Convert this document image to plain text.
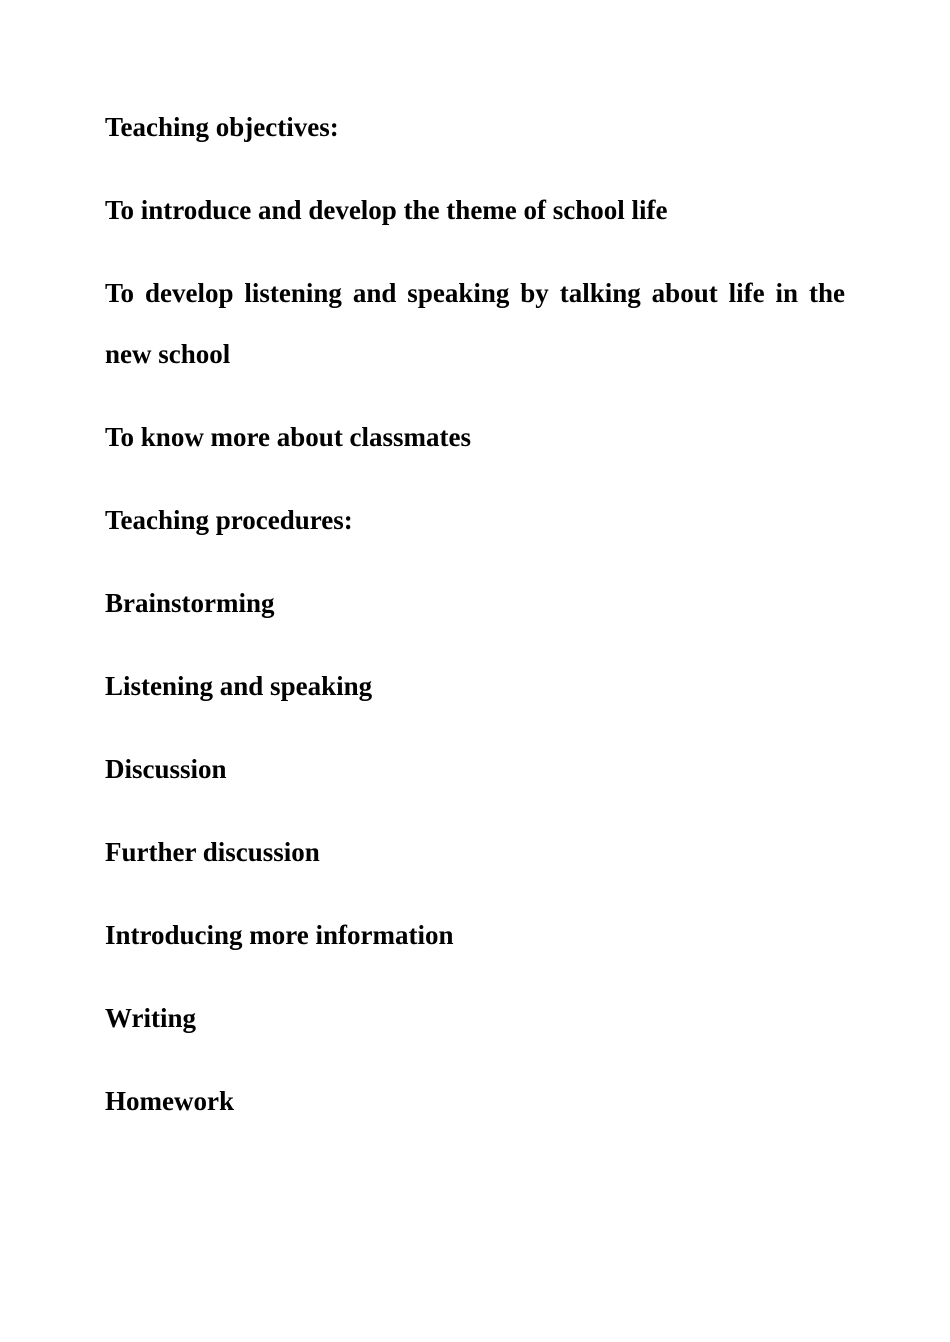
Teaching objectives:

To introduce and develop the theme of school life

To develop listening and speaking by talking about life in the new school

To know more about classmates

Teaching procedures:

Brainstorming

Listening and speaking

Discussion

Further discussion

Introducing more information

Writing

Homework
